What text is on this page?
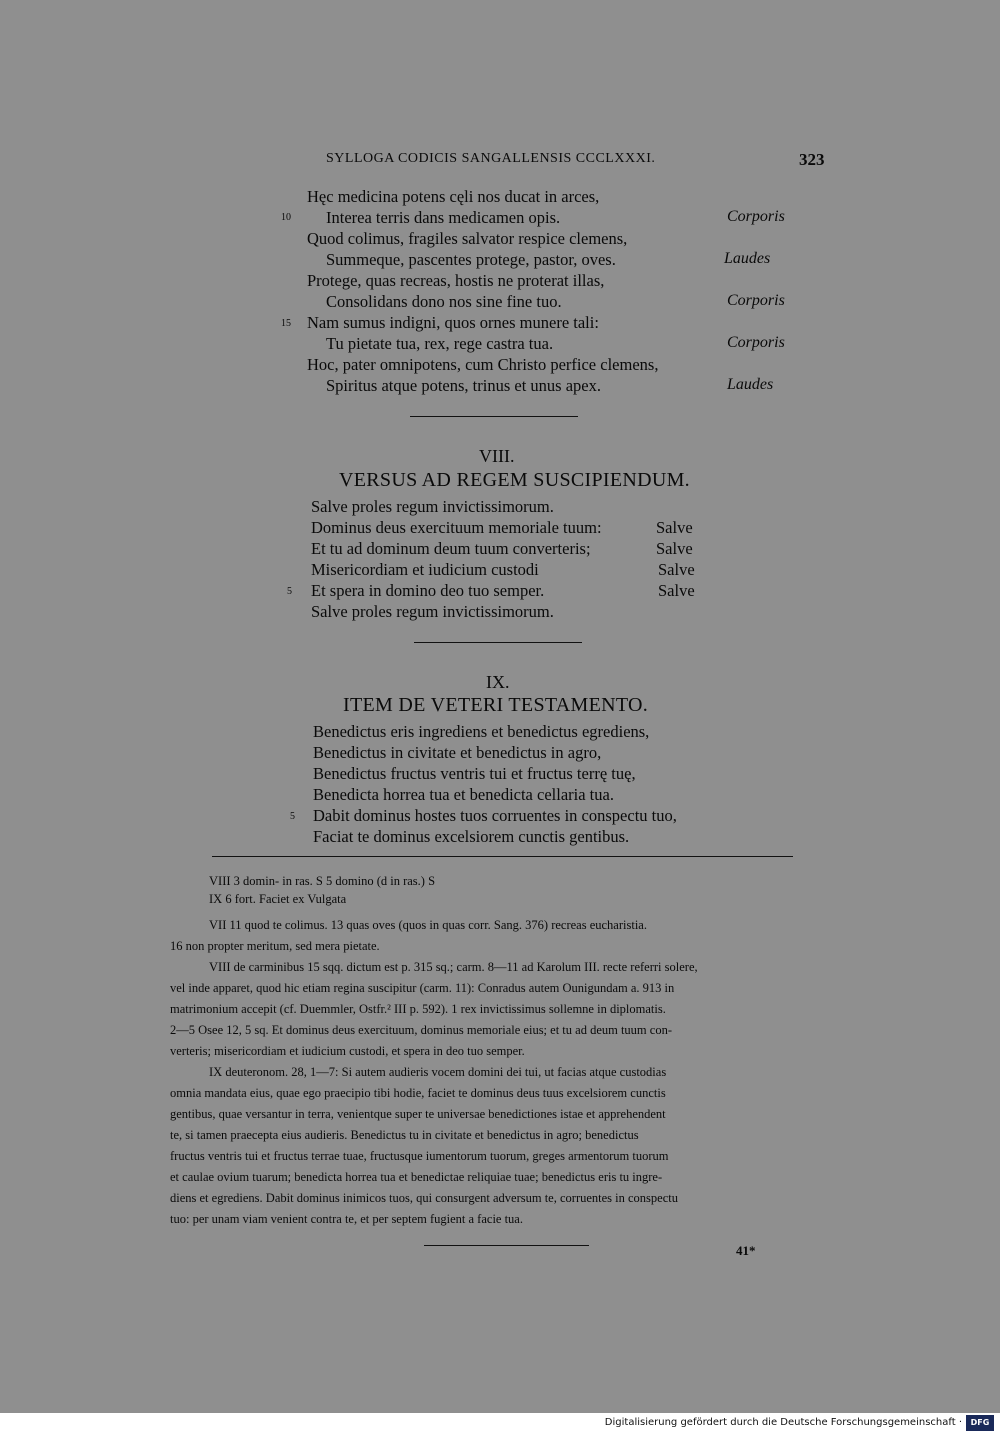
SYLLOGA CODICIS SANGALLENSIS CCCLXXXI.	323
Hęc medicina potens cęli nos ducat in arces,
10 Interea terris dans medicamen opis.	Corporis
Quod colimus, fragiles salvator respice clemens,
Summeque, pascentes protege, pastor, oves.	Laudes
Protege, quas recreas, hostis ne proterat illas,
Consolidans dono nos sine fine tuo.	Corporis
15 Nam sumus indigni, quos ornes munere tali:
Tu pietate tua, rex, rege castra tua.	Corporis
Hoc, pater omnipotens, cum Christo perfice clemens,
Spiritus atque potens, trinus et unus apex.	Laudes
VIII.
VERSUS AD REGEM SUSCIPIENDUM.
Salve proles regum invictissimorum.
Dominus deus exercituum memoriale tuum:	Salve
Et tu ad dominum deum tuum converteris;	Salve
Misericordiam et iudicium custodi	Salve
5 Et spera in domino deo tuo semper.	Salve
Salve proles regum invictissimorum.
IX.
ITEM DE VETERI TESTAMENTO.
Benedictus eris ingrediens et benedictus egrediens,
Benedictus in civitate et benedictus in agro,
Benedictus fructus ventris tui et fructus terrę tuę,
Benedicta horrea tua et benedicta cellaria tua.
5 Dabit dominus hostes tuos corruentes in conspectu tuo,
Faciat te dominus excelsiorem cunctis gentibus.
VIII 3 domin- in ras. S 5 domino (d in ras.) S
IX 6 fort. Faciet ex Vulgata
VII 11 quod te colimus. 13 quas oves (quos in quas corr. Sang. 376) recreas eucharistia.
16 non propter meritum, sed mera pietate.
VIII de carminibus 15 sqq. dictum est p. 315 sq.; carm. 8—11 ad Karolum III. recte referri solere,
vel inde apparet, quod hic etiam regina suscipitur (carm. 11): Conradus autem Ounigundam a. 913 in
matrimonium accepit (cf. Duemmler, Ostfr.² III p. 592). 1 rex invictissimus sollemne in diplomatis.
2—5 Osee 12, 5 sq. Et dominus deus exercituum, dominus memoriale eius; et tu ad deum tuum con-
verteris; misericordiam et iudicium custodi, et spera in deo tuo semper.
IX deuteronom. 28, 1—7: Si autem audieris vocem domini dei tui, ut facias atque custodias
omnia mandata eius, quae ego praecipio tibi hodie, faciet te dominus deus tuus excelsiorem cunctis
gentibus, quae versantur in terra, venientque super te universae benedictiones istae et apprehendent
te, si tamen praecepta eius audieris. Benedictus tu in civitate et benedictus in agro; benedictus
fructus ventris tui et fructus terrae tuae, fructusque iumentorum tuorum, greges armentorum tuorum
et caulae ovium tuarum; benedicta horrea tua et benedictae reliquiae tuae; benedictus eris tu ingre-
diens et egrediens. Dabit dominus inimicos tuos, qui consurgent adversum te, corruentes in conspectu
tuo: per unam viam venient contra te, et per septem fugient a facie tua.
41*
Digitalisierung gefördert durch die Deutsche Forschungsgemeinschaft ·	DFG
